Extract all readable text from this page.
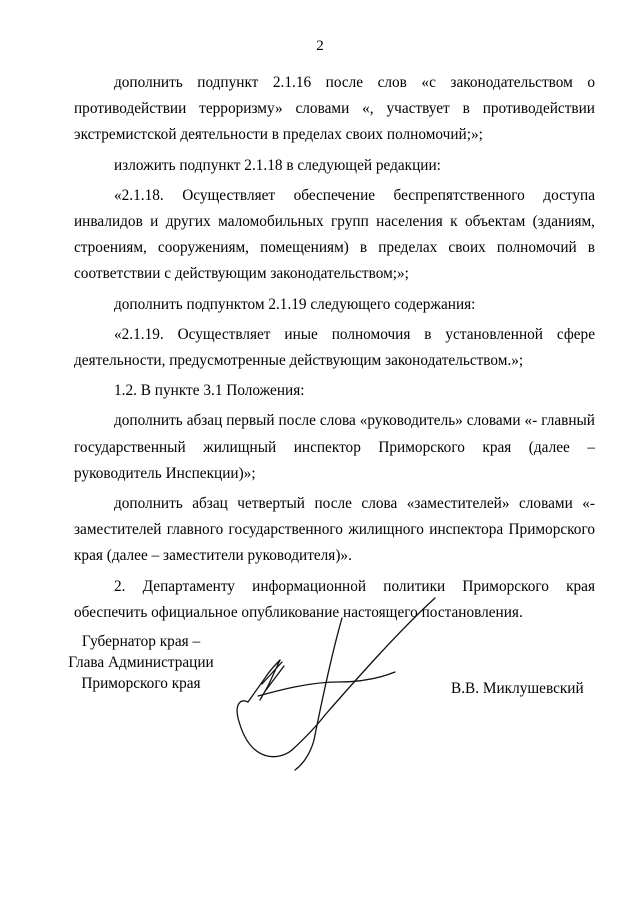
2

дополнить подпункт 2.1.16 после слов «с законодательством о противодействии терроризму» словами «, участвует в противодействии экстремистской деятельности в пределах своих полномочий;»;

изложить подпункт 2.1.18 в следующей редакции:

«2.1.18. Осуществляет обеспечение беспрепятственного доступа инвалидов и других маломобильных групп населения к объектам (зданиям, строениям, сооружениям, помещениям) в пределах своих полномочий в соответствии с действующим законодательством;»;

дополнить подпунктом 2.1.19 следующего содержания:

«2.1.19. Осуществляет иные полномочия в установленной сфере деятельности, предусмотренные действующим законодательством.»;

1.2. В пункте 3.1 Положения:

дополнить абзац первый после слова «руководитель» словами «- главный государственный жилищный инспектор Приморского края (далее – руководитель Инспекции)»;

дополнить абзац четвертый после слова «заместителей» словами «- заместителей главного государственного жилищного инспектора Приморского края (далее – заместители руководителя)».

2. Департаменту информационной политики Приморского края обеспечить официальное опубликование настоящего постановления.

Губернатор края –
Глава Администрации
Приморского края	В.В. Миклушевский
